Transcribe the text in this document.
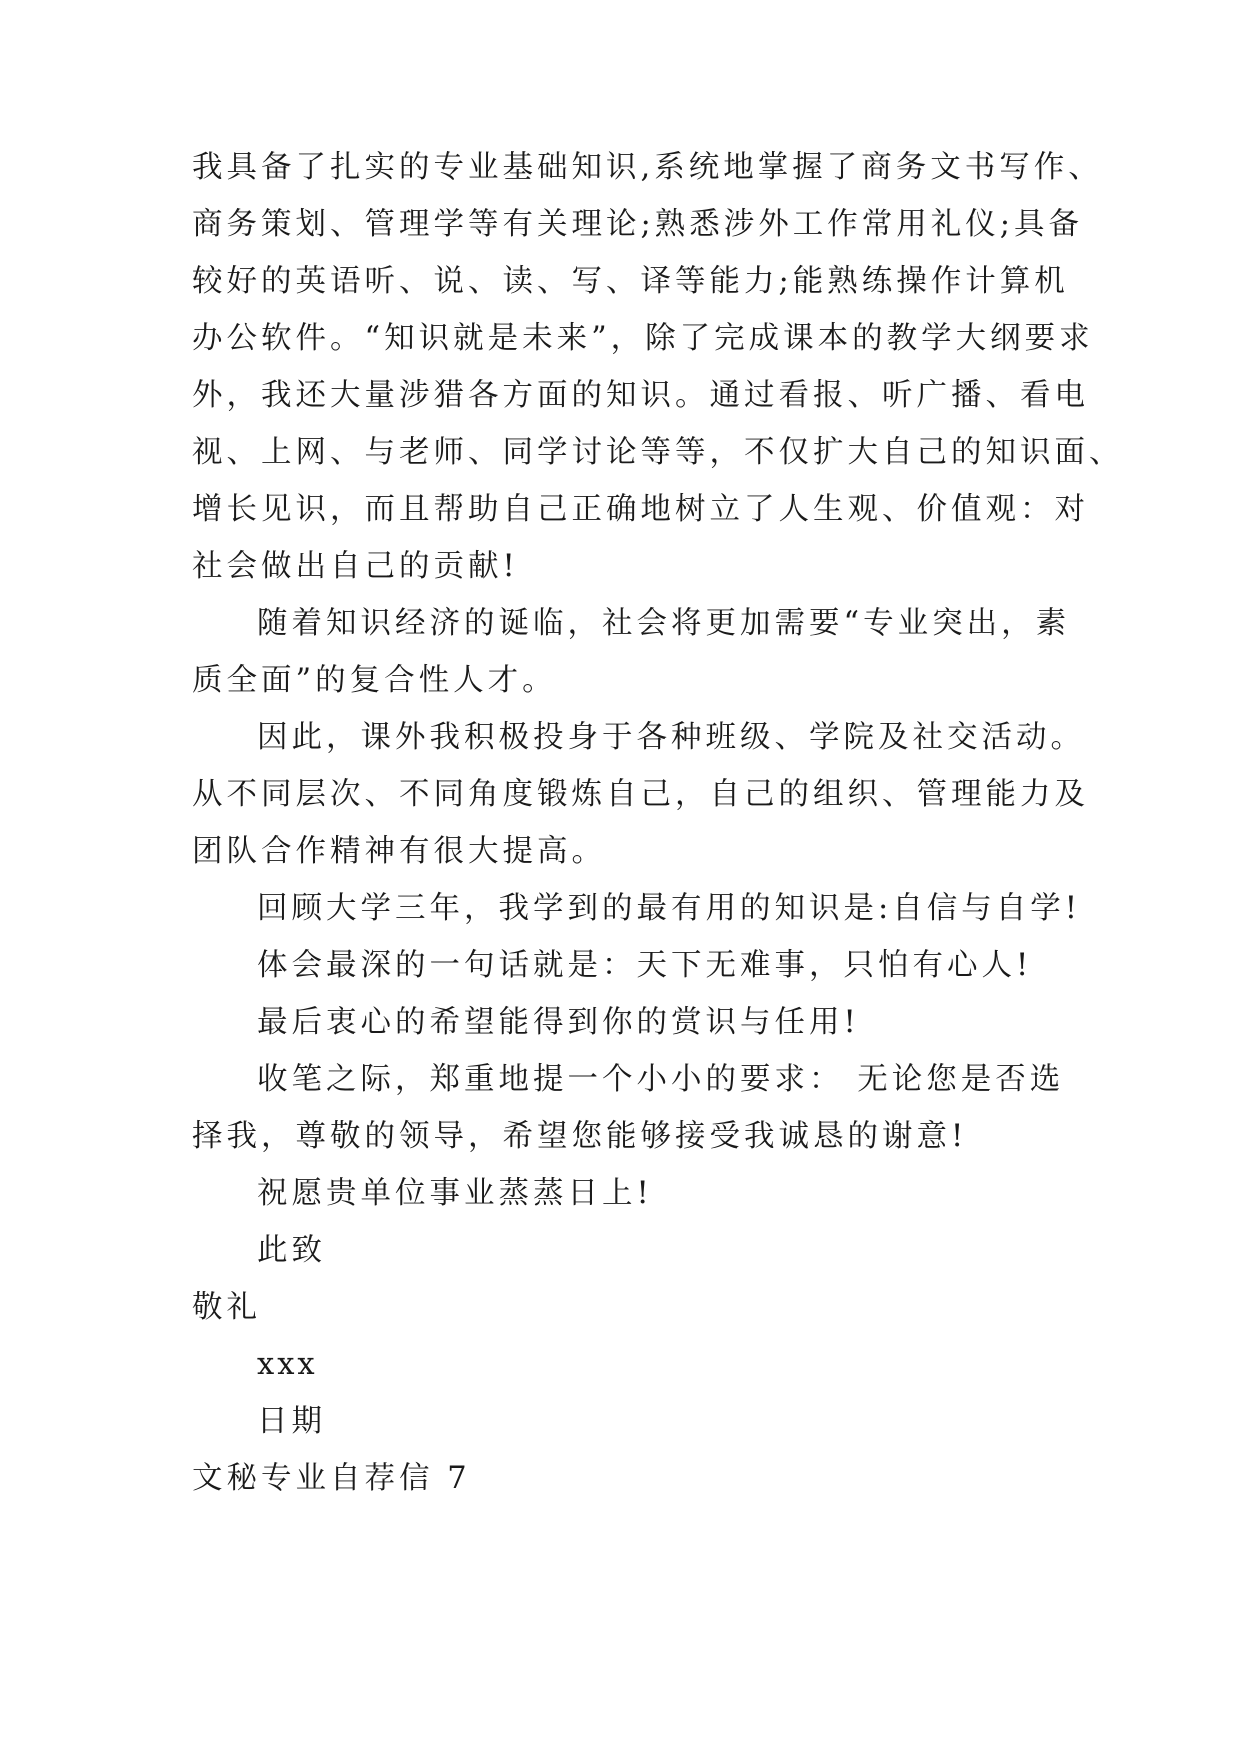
我具备了扎实的专业基础知识,系统地掌握了商务文书写作、
商务策划、管理学等有关理论;熟悉涉外工作常用礼仪;具备
较好的英语听、说、读、写、译等能力;能熟练操作计算机
办公软件。“知识就是未来”，除了完成课本的教学大纲要求
外，我还大量涉猎各方面的知识。通过看报、听广播、看电
视、上网、与老师、同学讨论等等，不仅扩大自己的知识面、
增长见识，而且帮助自己正确地树立了人生观、价值观：对
社会做出自己的贡献!
随着知识经济的诞临，社会将更加需要“专业突出，素
质全面”的复合性人才。
因此，课外我积极投身于各种班级、学院及社交活动。
从不同层次、不同角度锻炼自己，自己的组织、管理能力及
团队合作精神有很大提高。
回顾大学三年，我学到的最有用的知识是:自信与自学!
体会最深的一句话就是：天下无难事，只怕有心人!
最后衷心的希望能得到你的赏识与任用!
收笔之际，郑重地提一个小小的要求： 无论您是否选
择我，尊敬的领导，希望您能够接受我诚恳的谢意!
祝愿贵单位事业蒸蒸日上!
此致
敬礼
xxx
日期
文秘专业自荐信 7
